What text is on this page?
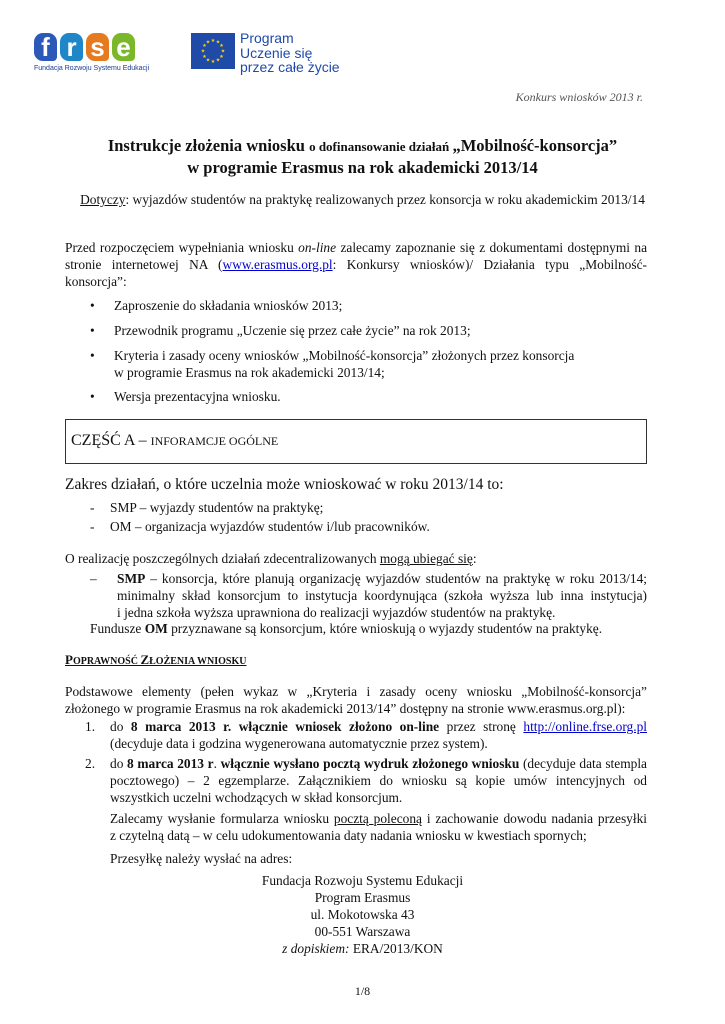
f r s e
Fundacja Rozwoju Systemu Edukacji
★ ★
★
★
★
★
★
★
★
★
★
★ Program
Uczenie się
przez całe życie
Konkurs wniosków 2013 r.
Instrukcje złożenia wniosku o dofinansowanie działań „Mobilność-konsorcja”
w programie Erasmus na rok akademicki 2013/14
Dotyczy: wyjazdów studentów na praktykę realizowanych przez konsorcja w roku akademickim 2013/14
Przed rozpoczęciem wypełniania wniosku on-line zalecamy zapoznanie się z dokumentami dostępnymi na stronie internetowej NA (www.erasmus.org.pl: Konkursy wniosków)/ Działania typu „Mobilność-konsorcja”:
• Zaproszenie do składania wniosków 2013;
• Przewodnik programu „Uczenie się przez całe życie” na rok 2013;
• Kryteria i zasady oceny wniosków „Mobilność-konsorcja” złożonych przez konsorcja
w programie Erasmus na rok akademicki 2013/14;
• Wersja prezentacyjna wniosku.
CZĘŚĆ A – INFORAMCJE OGÓLNE
Zakres działań, o które uczelnia może wnioskować w roku 2013/14 to:
- SMP – wyjazdy studentów na praktykę;
- OM – organizacja wyjazdów studentów i/lub pracowników.
O realizację poszczególnych działań zdecentralizowanych mogą ubiegać się:
– SMP – konsorcja, które planują organizację wyjazdów studentów na praktykę w roku 2013/14;
minimalny skład konsorcjum to instytucja koordynująca (szkoła wyższa lub inna instytucja)
i jedna szkoła wyższa uprawniona do realizacji wyjazdów studentów na praktykę.
Fundusze OM przyznawane są konsorcjum, które wnioskują o wyjazdy studentów na praktykę.
POPRAWNOŚĆ ZŁOŻENIA WNIOSKU
Podstawowe elementy (pełen wykaz w „Kryteria i zasady oceny wniosku „Mobilność-konsorcja”
złożonego w programie Erasmus na rok akademicki 2013/14” dostępny na stronie www.erasmus.org.pl):
1. do 8 marca 2013 r. włącznie wniosek złożono on-line przez stronę http://online.frse.org.pl
(decyduje data i godzina wygenerowana automatycznie przez system).
2. do 8 marca 2013 r. włącznie wysłano pocztą wydruk złożonego wniosku (decyduje data stempla
pocztowego) – 2 egzemplarze. Załącznikiem do wniosku są kopie umów intencyjnych od
wszystkich uczelni wchodzących w skład konsorcjum.
Zalecamy wysłanie formularza wniosku pocztą poleconą i zachowanie dowodu nadania przesyłki
z czytelną datą – w celu udokumentowania daty nadania wniosku w kwestiach spornych;
Przesyłkę należy wysłać na adres:
Fundacja Rozwoju Systemu Edukacji
Program Erasmus
ul. Mokotowska 43
00-551 Warszawa
z dopiskiem: ERA/2013/KON
1/8
